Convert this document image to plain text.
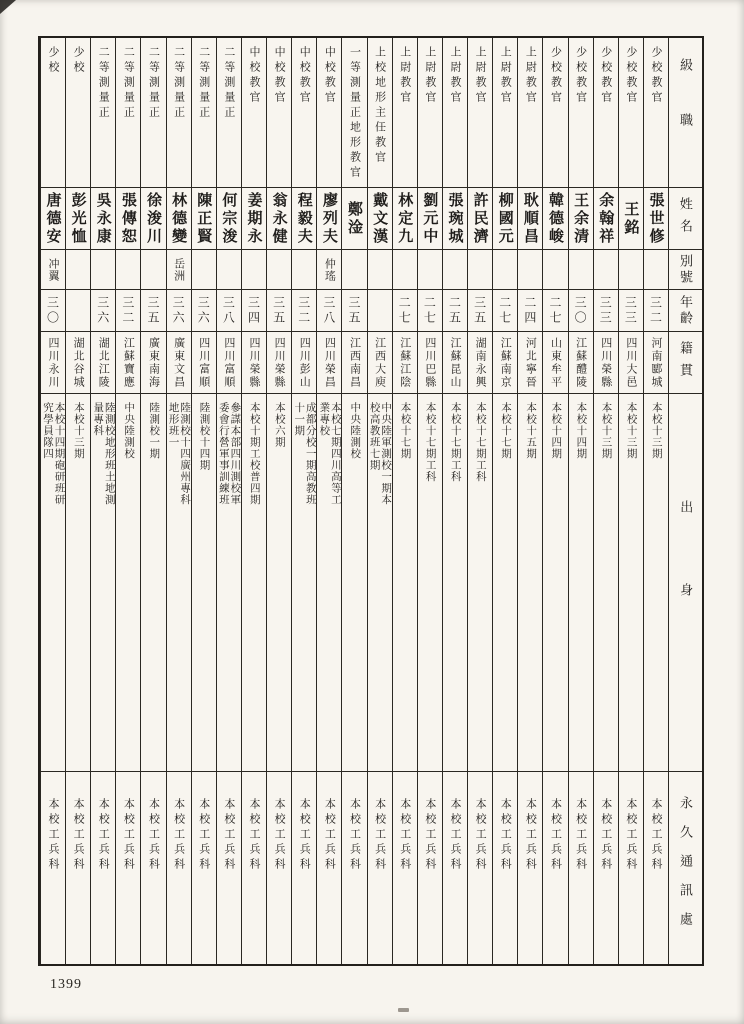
級職
姓名
別號
年齡
籍貫
出身
永久通訊處
少校教官
張世修
三二
河南郾城
本校十三期
本校工兵科
少校教官
王銘
三三
四川大邑
本校十三期
本校工兵科
少校教官
余翰祥
三三
四川榮縣
本校十三期
本校工兵科
少校教官
王余清
三〇
江蘇醴陵
本校十四期
本校工兵科
少校教官
韓德峻
二七
山東牟平
本校十四期
本校工兵科
上尉教官
耿順昌
二四
河北寧晉
本校十五期
本校工兵科
上尉教官
柳國元
二七
江蘇南京
本校十七期
本校工兵科
上尉教官
許民濟
三五
湖南永興
本校十七期工科
本校工兵科
上尉教官
張琬城
二五
江蘇昆山
本校十七期工科
本校工兵科
上尉教官
劉元中
二七
四川巴縣
本校十七期工科
本校工兵科
上尉教官
林定九
二七
江蘇江陰
本校十七期
本校工兵科
上校地形主任教官
戴文漢
江西大庾
中央陸軍測校一期本校高教班七期
本校工兵科
一等測量正地形教官
鄭淦
三五
江西南昌
中央陸測校
本校工兵科
中校教官
廖列夫
仲瑤
三八
四川榮昌
本校七期四川高等工業專校
本校工兵科
中校教官
程毅夫
三二
四川彭山
成都分校一期高教班十一期
本校工兵科
中校教官
翁永健
三五
四川榮縣
本校六期
本校工兵科
中校教官
姜期永
三四
四川榮縣
本校十期工校普四期
本校工兵科
二等測量正
何宗浚
三八
四川富順
參謀本部四川測校軍委會行營軍事訓練班
本校工兵科
二等測量正
陳正賢
三六
四川富順
陸測校十四期
本校工兵科
二等測量正
林德變
岳洲
三六
廣東文昌
陸測校十四廣州專科地形班一
本校工兵科
二等測量正
徐浚川
三五
廣東南海
陸測校一期
本校工兵科
二等測量正
張傳恕
三二
江蘇寶應
中央陸測校
本校工兵科
二等測量正
吳永康
三六
湖北江陵
陸測校地形班土地測量專科
本校工兵科
少校
彭光恤
湖北谷城
本校十三期
本校工兵科
少校
唐德安
冲翼
三〇
四川永川
本校十四期砲研班研究學員隊四
本校工兵科
1399
